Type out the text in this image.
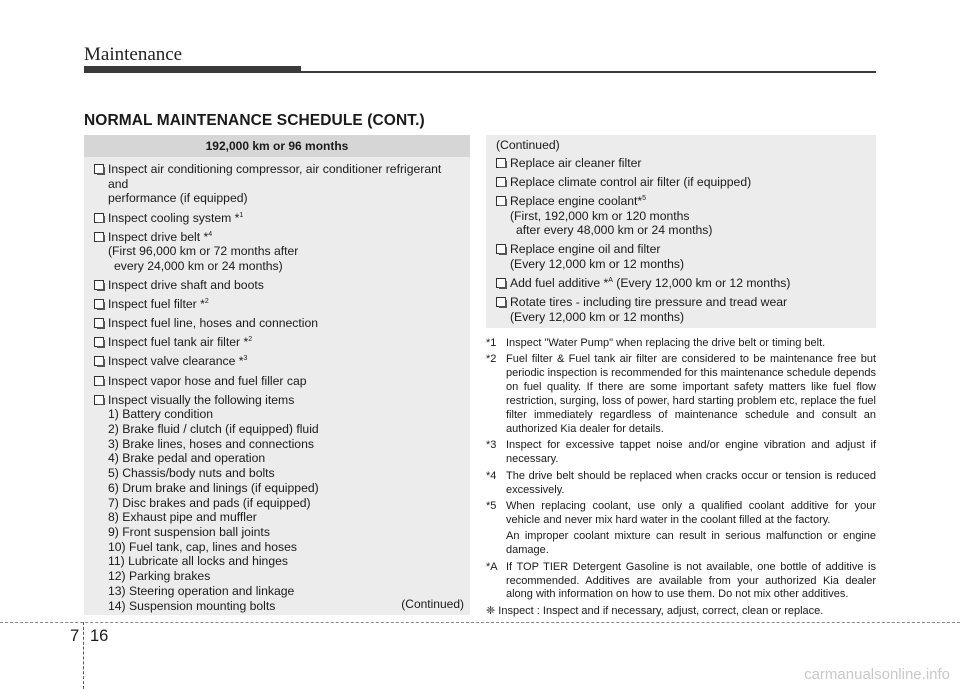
Maintenance
NORMAL MAINTENANCE SCHEDULE (CONT.)
192,000 km or 96 months
Inspect air conditioning compressor, air conditioner refrigerant and
performance (if equipped)
Inspect cooling system *$^1$
Inspect drive belt *$^4$
(First 96,000 km or 72 months after
every 24,000 km or 24 months)
Inspect drive shaft and boots
Inspect fuel filter *$^2$
Inspect fuel line, hoses and connection
Inspect fuel tank air filter *$^2$
Inspect valve clearance *$^3$
Inspect vapor hose and fuel filler cap
Inspect visually the following items
1) Battery condition
2) Brake fluid / clutch (if equipped) fluid
3) Brake lines, hoses and connections
4) Brake pedal and operation
5) Chassis/body nuts and bolts
6) Drum brake and linings (if equipped)
7) Disc brakes and pads (if equipped)
8) Exhaust pipe and muffler
9) Front suspension ball joints
10) Fuel tank, cap, lines and hoses
11) Lubricate all locks and hinges
12) Parking brakes
13) Steering operation and linkage
14) Suspension mounting bolts	(Continued)
(Continued)
Replace air cleaner filter
Replace climate control air filter (if equipped)
Replace engine coolant*$^5$
(First, 192,000 km or 120 months
after every 48,000 km or 24 months)
Replace engine oil and filter
(Every 12,000 km or 12 months)
Add fuel additive *$^A$ (Every 12,000 km or 12 months)
Rotate tires - including tire pressure and tread wear
(Every 12,000 km or 12 months)
*1 Inspect "Water Pump" when replacing the drive belt or timing belt.
*2 Fuel filter & Fuel tank air filter are considered to be maintenance free but periodic inspection is recommended for this maintenance schedule depends on fuel quality. If there are some important safety matters like fuel flow restriction, surging, loss of power, hard starting problem etc, replace the fuel filter immediately regardless of maintenance schedule and consult an authorized Kia dealer for details.
*3 Inspect for excessive tappet noise and/or engine vibration and adjust if necessary.
*4 The drive belt should be replaced when cracks occur or tension is reduced excessively.
*5 When replacing coolant, use only a qualified coolant additive for your vehicle and never mix hard water in the coolant filled at the factory.
An improper coolant mixture can result in serious malfunction or engine damage.
*A If TOP TIER Detergent Gasoline is not available, one bottle of additive is recommended. Additives are available from your authorized Kia dealer along with information on how to use them. Do not mix other additives.
❈ Inspect : Inspect and if necessary, adjust, correct, clean or replace.
7 16
carmanualsonline.info
